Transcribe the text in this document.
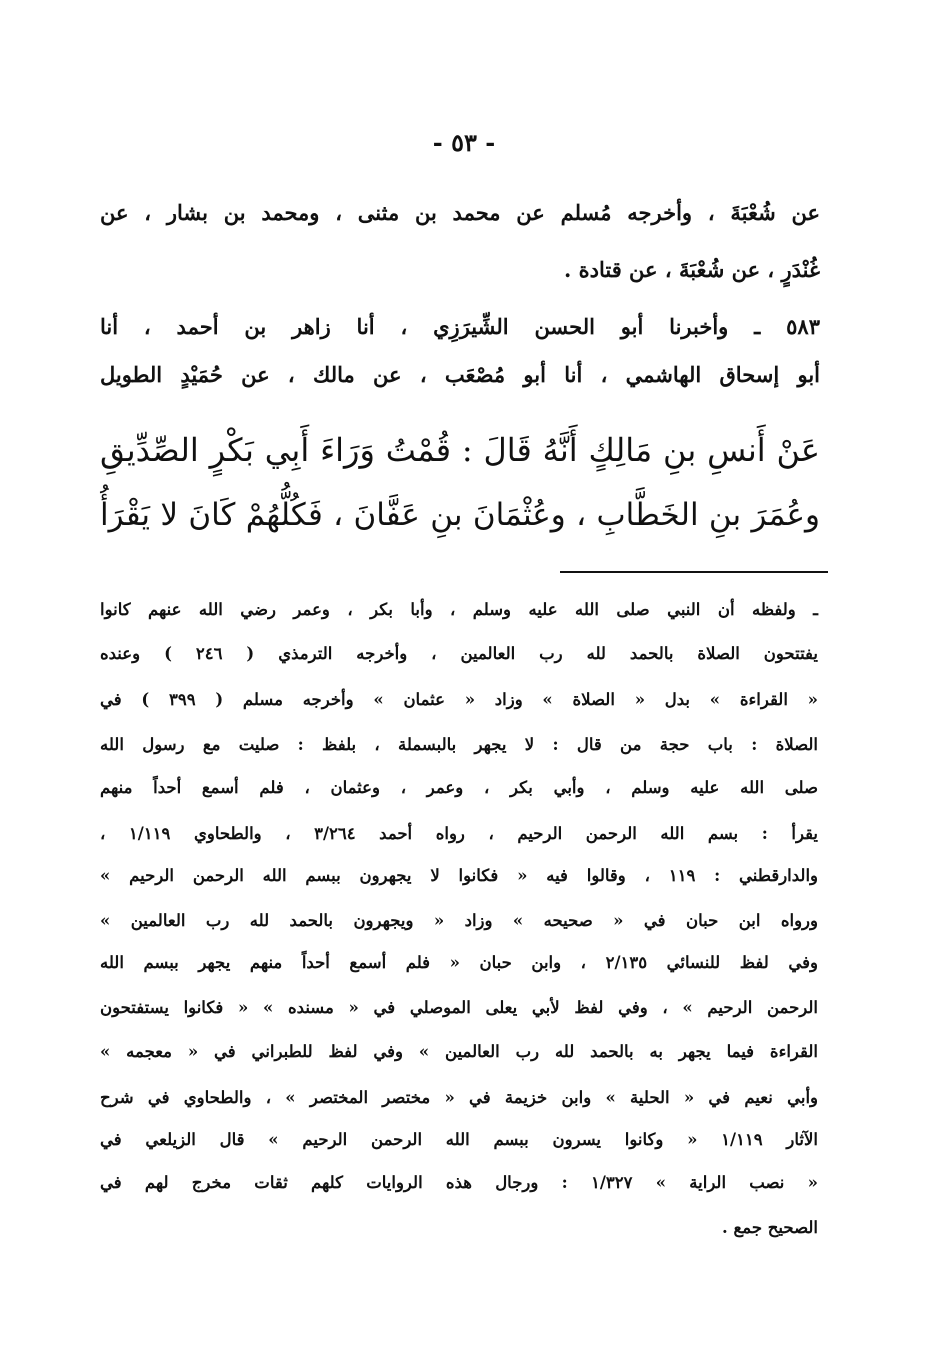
- ٥٣ -
عن شُعْبَةَ ، وأخرجه مُسلم عن محمد بن مثنى ، ومحمد بن بشار ، عن
غُنْدَرٍ ، عن شُعْبَةَ ، عن قتادة .
٥٨٣ ـ وأخبرنا أبو الحسن الشِّيرَزِي ، أنا زاهر بن أحمد ، أنا
أبو إسحاق الهاشمي ، أنا أبو مُصْعَب ، عن مالك ، عن حُمَيْدٍ الطويل
عَنْ أَنسِ بنِ مَالِكٍ أَنَّهُ قَالَ : قُمْتُ وَرَاءَ أَبِي بَكْرٍ الصِّدِّيقِ
وعُمَرَ بنِ الخَطَّابِ ، وعُثْمَانَ بنِ عَفَّانَ ، فَكُلُّهُمْ كَانَ لا يَقْرَأُ
ـ ولفظه أن النبي صلى الله عليه وسلم ، وأبا بكر ، وعمر رضي الله عنهم كانوا
يفتتحون الصلاة بالحمد لله رب العالمين ، وأخرجه الترمذي ( ٢٤٦ ) وعنده
« القراءة » بدل « الصلاة » وزاد « عثمان » وأخرجه مسلم ( ٣٩٩ ) في
الصلاة : باب حجة من قال : لا يجهر بالبسملة ، بلفظ : صليت مع رسول الله
صلى الله عليه وسلم ، وأبي بكر ، وعمر ، وعثمان ، فلم أسمع أحداً منهم
يقرأ : بسم الله الرحمن الرحيم ، رواه أحمد ٣/٢٦٤ ، والطحاوي ١/١١٩ ،
والدارقطني : ١١٩ ، وقالوا فيه « فكانوا لا يجهرون ببسم الله الرحمن الرحيم »
ورواه ابن حبان في « صحيحه » وزاد « ويجهرون بالحمد لله رب العالمين »
وفي لفظ للنسائي ٢/١٣٥ ، وابن حبان « فلم أسمع أحداً منهم يجهر ببسم الله
الرحمن الرحيم » ، وفي لفظ لأبي يعلى الموصلي في « مسنده » « فكانوا يستفتحون
القراءة فيما يجهر به بالحمد لله رب العالمين » وفي لفظ للطبراني في « معجمه »
وأبي نعيم في « الحلية » وابن خزيمة في « مختصر المختصر » ، والطحاوي في شرح
الآثار ١/١١٩ « وكانوا يسرون ببسم الله الرحمن الرحيم » قال الزيلعي في
« نصب الراية » ١/٣٢٧ : ورجال هذه الروايات كلهم ثقات مخرج لهم في
الصحيح جمع .
